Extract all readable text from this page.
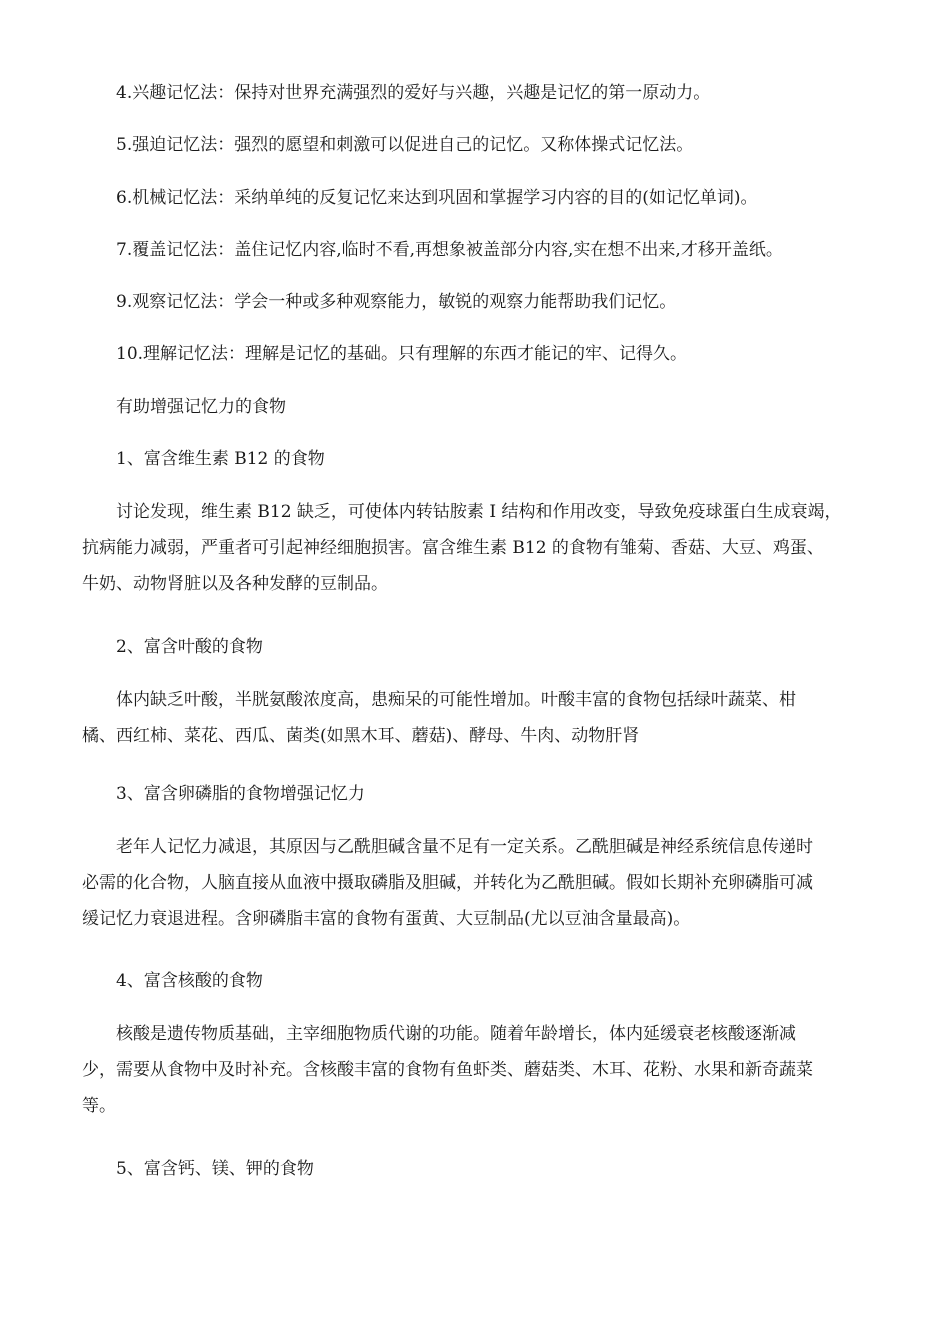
4.兴趣记忆法：保持对世界充满强烈的爱好与兴趣，兴趣是记忆的第一原动力。
5.强迫记忆法：强烈的愿望和刺激可以促进自己的记忆。又称体操式记忆法。
6.机械记忆法：采纳单纯的反复记忆来达到巩固和掌握学习内容的目的(如记忆单词)。
7.覆盖记忆法：盖住记忆内容,临时不看,再想象被盖部分内容,实在想不出来,才移开盖纸。
9.观察记忆法：学会一种或多种观察能力，敏锐的观察力能帮助我们记忆。
10.理解记忆法：理解是记忆的基础。只有理解的东西才能记的牢、记得久。
有助增强记忆力的食物
1、富含维生素 B12 的食物
讨论发现，维生素 B12 缺乏，可使体内转钴胺素 I 结构和作用改变，导致免疫球蛋白生成衰竭，
抗病能力减弱，严重者可引起神经细胞损害。富含维生素 B12 的食物有雏菊、香菇、大豆、鸡蛋、
牛奶、动物肾脏以及各种发酵的豆制品。
2、富含叶酸的食物
体内缺乏叶酸，半胱氨酸浓度高，患痴呆的可能性增加。叶酸丰富的食物包括绿叶蔬菜、柑
橘、西红柿、菜花、西瓜、菌类(如黑木耳、蘑菇)、酵母、牛肉、动物肝肾
3、富含卵磷脂的食物增强记忆力
老年人记忆力减退，其原因与乙酰胆碱含量不足有一定关系。乙酰胆碱是神经系统信息传递时
必需的化合物，人脑直接从血液中摄取磷脂及胆碱，并转化为乙酰胆碱。假如长期补充卵磷脂可减
缓记忆力衰退进程。含卵磷脂丰富的食物有蛋黄、大豆制品(尤以豆油含量最高)。
4、富含核酸的食物
核酸是遗传物质基础，主宰细胞物质代谢的功能。随着年龄增长，体内延缓衰老核酸逐渐减
少，需要从食物中及时补充。含核酸丰富的食物有鱼虾类、蘑菇类、木耳、花粉、水果和新奇蔬菜
等。
5、富含钙、镁、钾的食物
